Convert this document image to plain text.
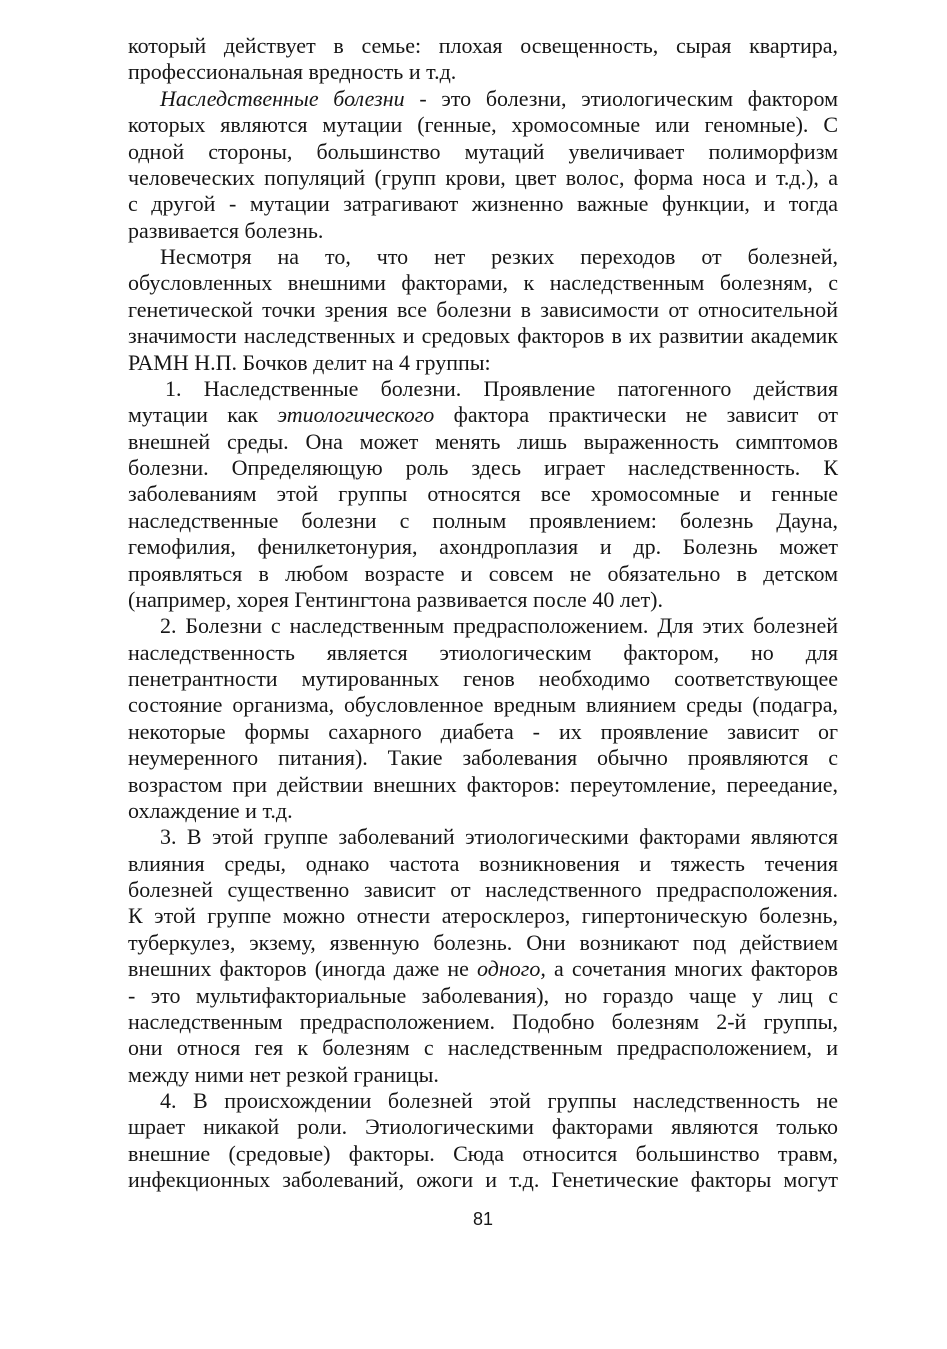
который действует в семье: плохая освещенность, сырая квартира,
профессиональная вредность и т.д.
Наследственные болезни - это болезни, этиологическим фактором
которых являются мутации (генные, хромосомные или геномные). С
одной стороны, большинство мутаций увеличивает полиморфизм
человеческих популяций (групп крови, цвет волос, форма носа и т.д.), а
с другой - мутации затрагивают жизненно важные функции, и тогда
развивается болезнь.
Несмотря на то, что нет резких переходов от болезней,
обусловленных внешними факторами, к наследственным болезням, с
генетической точки зрения все болезни в зависимости от относительной
значимости наследственных и средовых факторов в их развитии академик
РАМН Н.П. Бочков делит на 4 группы:
1. Наследственные болезни. Проявление патогенного действия
мутации как этиологического фактора практически не зависит от
внешней среды. Она может менять лишь выраженность симптомов
болезни. Определяющую роль здесь играет наследственность. К
заболеваниям этой группы относятся все хромосомные и генные
наследственные болезни с полным проявлением: болезнь Дауна,
гемофилия, фенилкетонурия, ахондроплазия и др. Болезнь может
проявляться в любом возрасте и совсем не обязательно в детском
(например, хорея Гентингтона развивается после 40 лет).
2. Болезни с наследственным предрасположением. Для этих болезней
наследственность является этиологическим фактором, но для
пенетрантности мутированных генов необходимо соответствующее
состояние организма, обусловленное вредным влиянием среды (подагра,
некоторые формы сахарного диабета - их проявление зависит ог
неумеренного питания). Такие заболевания обычно проявляются с
возрастом при действии внешних факторов: переутомление, переедание,
охлаждение и т.д.
3. В этой группе заболеваний этиологическими факторами являются
влияния среды, однако частота возникновения и тяжесть течения
болезней существенно зависит от наследственного предрасположения.
К этой группе можно отнести атеросклероз, гипертоническую болезнь,
туберкулез, экзему, язвенную болезнь. Они возникают под действием
внешних факторов (иногда даже не одного, а сочетания многих факторов
- это мультифакториальные заболевания), но гораздо чаще у лиц с
наследственным предрасположением. Подобно болезням 2-й группы,
они относя гея к болезням с наследственным предрасположением, и
между ними нет резкой границы.
4. В происхождении болезней этой группы наследственность не
шрает никакой роли. Этиологическими факторами являются только
внешние (средовые) факторы. Сюда относится большинство травм,
инфекционных заболеваний, ожоги и т.д. Генетические факторы могут
81
